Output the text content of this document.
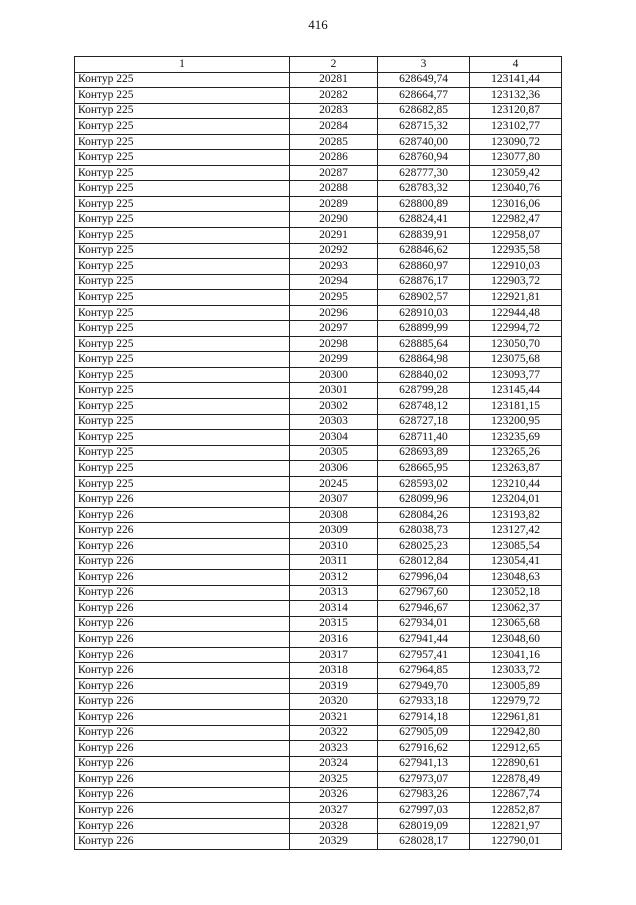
416
1	2	3	4
Контур 225	20281	628649,74	123141,44
Контур 225	20282	628664,77	123132,36
Контур 225	20283	628682,85	123120,87
Контур 225	20284	628715,32	123102,77
Контур 225	20285	628740,00	123090,72
Контур 225	20286	628760,94	123077,80
Контур 225	20287	628777,30	123059,42
Контур 225	20288	628783,32	123040,76
Контур 225	20289	628800,89	123016,06
Контур 225	20290	628824,41	122982,47
Контур 225	20291	628839,91	122958,07
Контур 225	20292	628846,62	122935,58
Контур 225	20293	628860,97	122910,03
Контур 225	20294	628876,17	122903,72
Контур 225	20295	628902,57	122921,81
Контур 225	20296	628910,03	122944,48
Контур 225	20297	628899,99	122994,72
Контур 225	20298	628885,64	123050,70
Контур 225	20299	628864,98	123075,68
Контур 225	20300	628840,02	123093,77
Контур 225	20301	628799,28	123145,44
Контур 225	20302	628748,12	123181,15
Контур 225	20303	628727,18	123200,95
Контур 225	20304	628711,40	123235,69
Контур 225	20305	628693,89	123265,26
Контур 225	20306	628665,95	123263,87
Контур 225	20245	628593,02	123210,44
Контур 226	20307	628099,96	123204,01
Контур 226	20308	628084,26	123193,82
Контур 226	20309	628038,73	123127,42
Контур 226	20310	628025,23	123085,54
Контур 226	20311	628012,84	123054,41
Контур 226	20312	627996,04	123048,63
Контур 226	20313	627967,60	123052,18
Контур 226	20314	627946,67	123062,37
Контур 226	20315	627934,01	123065,68
Контур 226	20316	627941,44	123048,60
Контур 226	20317	627957,41	123041,16
Контур 226	20318	627964,85	123033,72
Контур 226	20319	627949,70	123005,89
Контур 226	20320	627933,18	122979,72
Контур 226	20321	627914,18	122961,81
Контур 226	20322	627905,09	122942,80
Контур 226	20323	627916,62	122912,65
Контур 226	20324	627941,13	122890,61
Контур 226	20325	627973,07	122878,49
Контур 226	20326	627983,26	122867,74
Контур 226	20327	627997,03	122852,87
Контур 226	20328	628019,09	122821,97
Контур 226	20329	628028,17	122790,01
